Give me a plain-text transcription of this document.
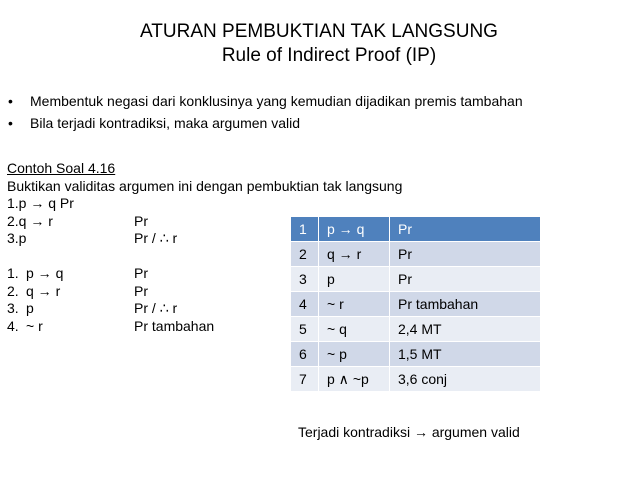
ATURAN PEMBUKTIAN TAK LANGSUNG
Rule of Indirect Proof (IP)
• Membentuk negasi dari konklusinya yang kemudian dijadikan premis tambahan
• Bila terjadi kontradiksi, maka argumen valid
Contoh Soal 4.16
Buktikan validitas argumen ini dengan pembuktian tak langsung
1.p → q Pr
2.q → r	Pr
3.p	Pr / ∴ r
1. p → q	Pr
2. q → r	Pr
3. p	Pr / ∴ r
4. ~ r	Pr tambahan
1	p → q	Pr
2	q → r	Pr
3	p	Pr
4	~ r	Pr tambahan
5	~ q	2,4 MT
6	~ p	1,5 MT
7	p ∧ ~p	3,6 conj
Terjadi kontradiksi → argumen valid
